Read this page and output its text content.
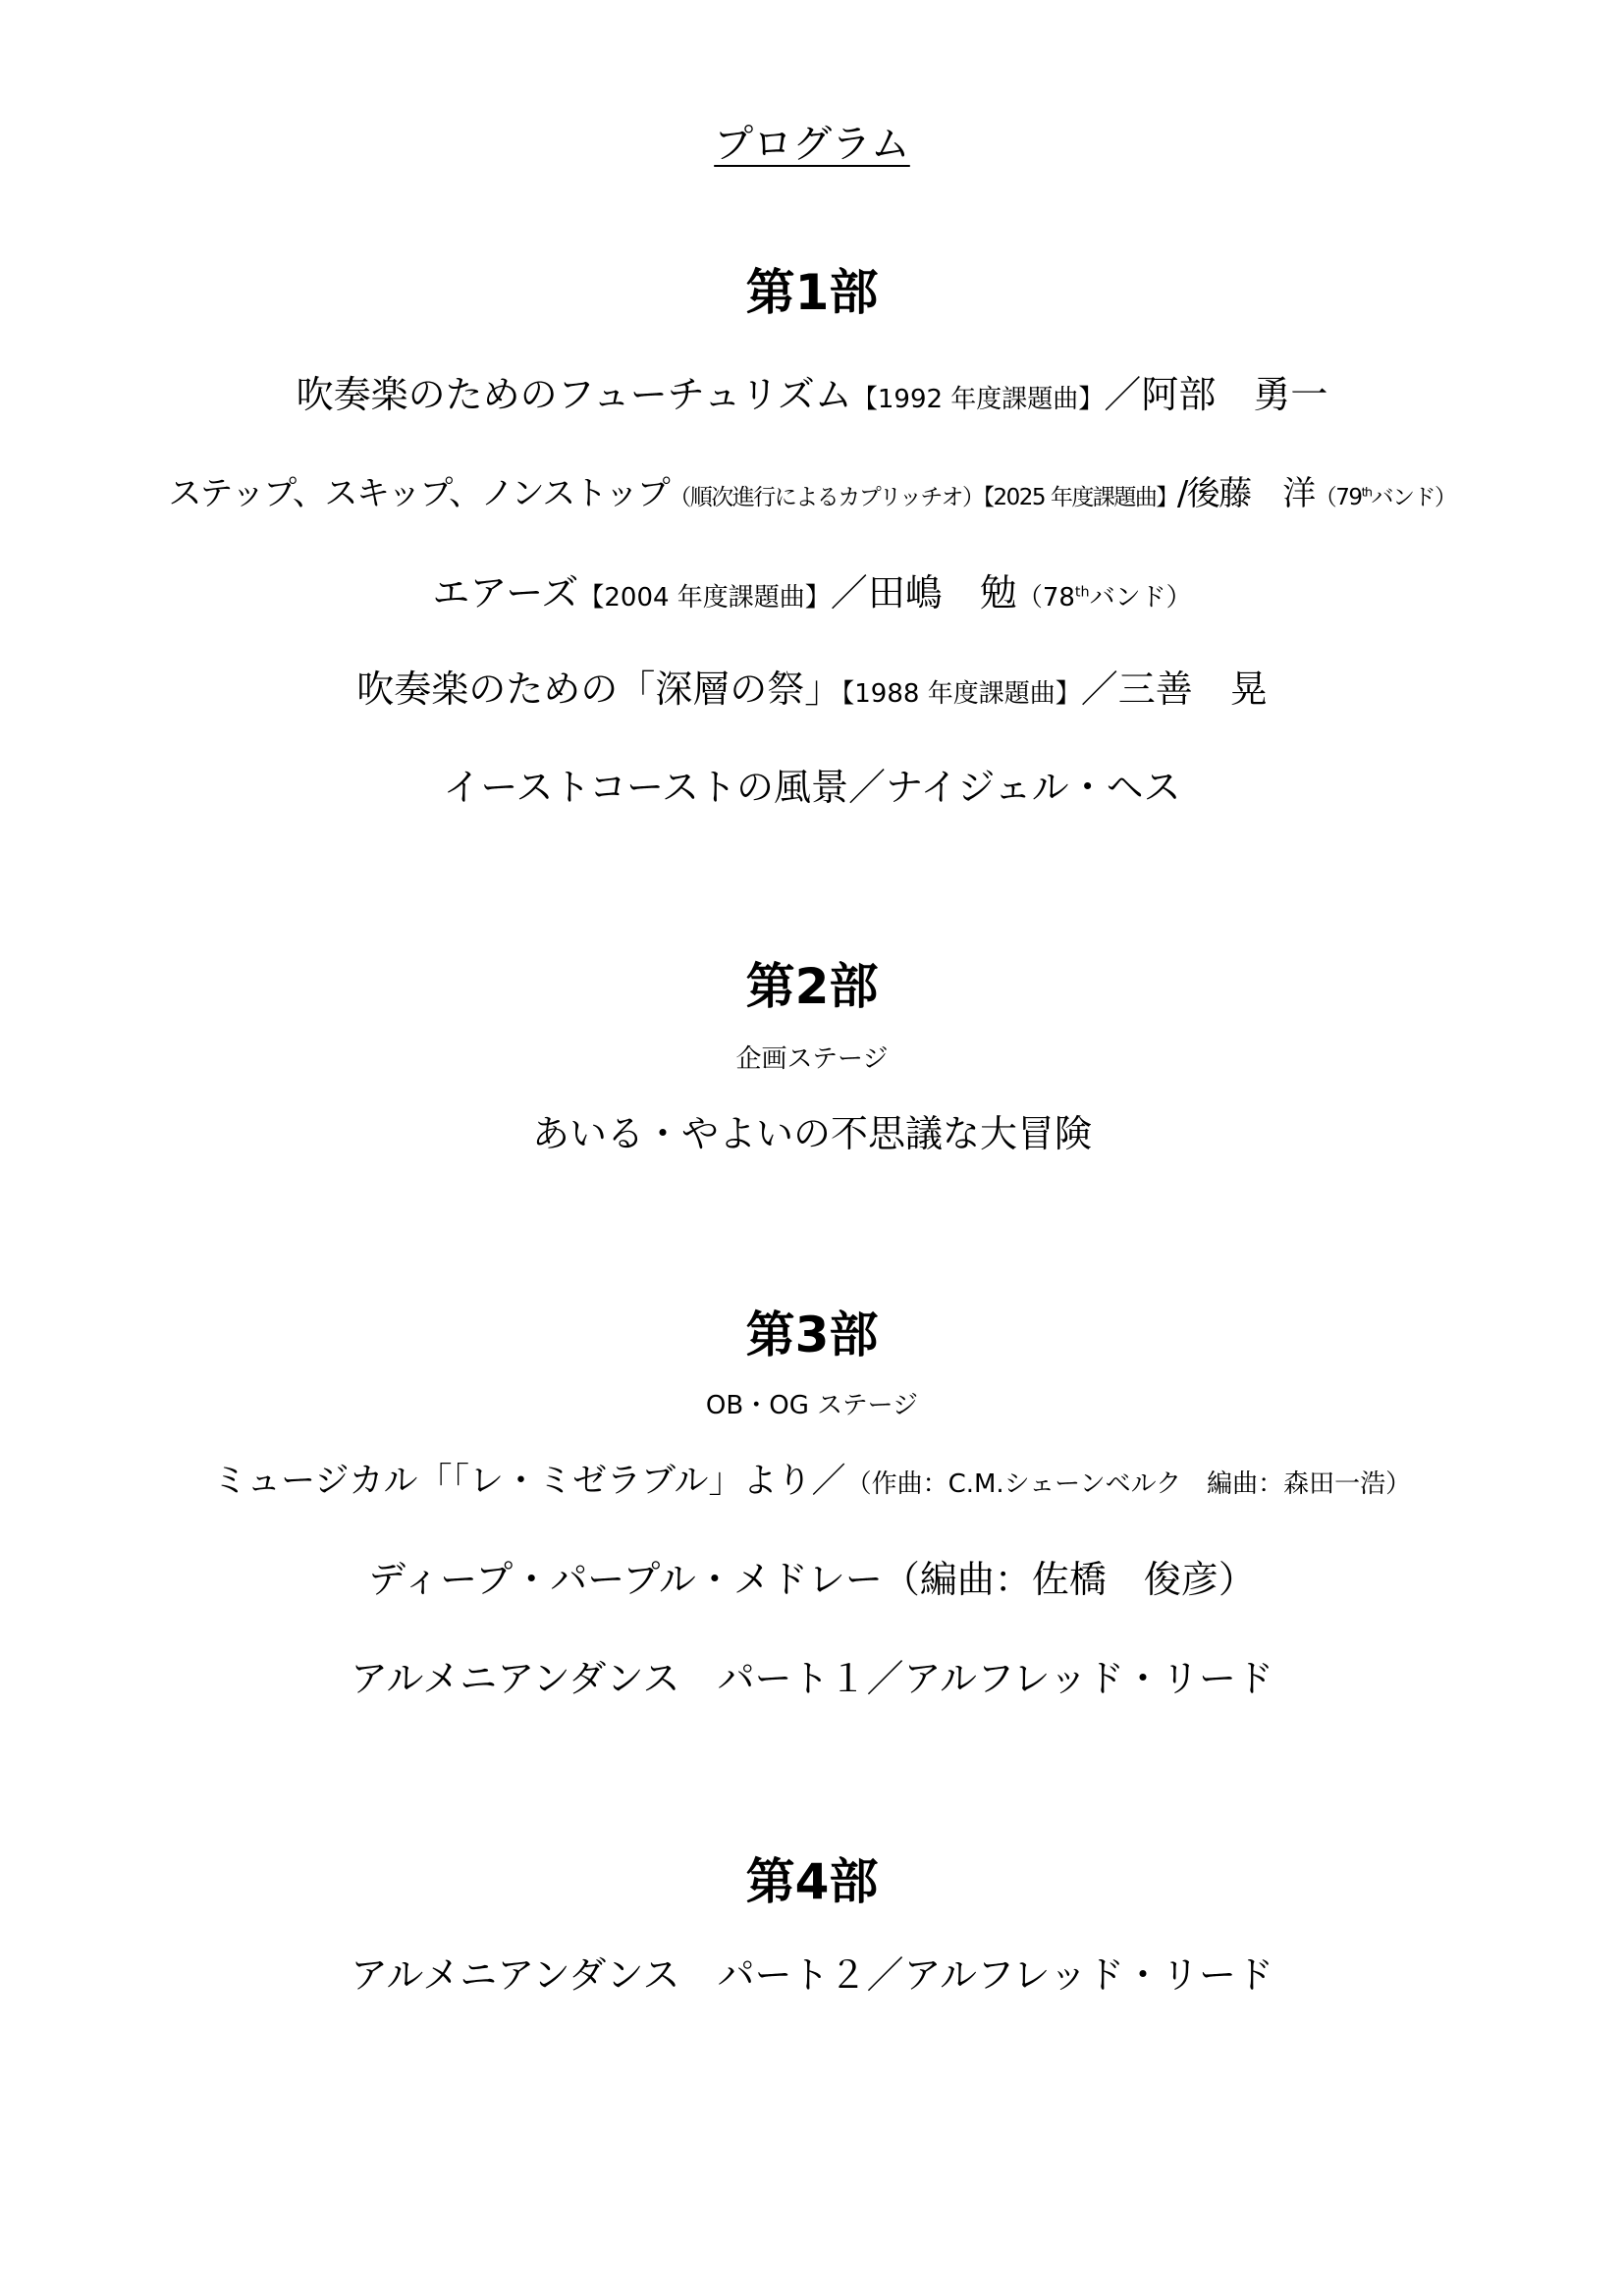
プログラム
第1部
吹奏楽のためのフューチュリズム【1992 年度課題曲】／阿部　勇一
ステップ、スキップ、ノンストップ（順次進行によるカプリッチオ）【2025 年度課題曲】/後藤　洋（79thバンド）
エアーズ【2004 年度課題曲】／田嶋　勉（78thバンド）
吹奏楽のための「深層の祭」【1988 年度課題曲】／三善　晃
イーストコーストの風景／ナイジェル・ヘス
第2部
企画ステージ
あいる・やよいの不思議な大冒険
第3部
OB・OG ステージ
ミュージカル「「レ・ミゼラブル」より／（作曲：C.M.シェーンベルク　編曲：森田一浩）
ディープ・パープル・メドレー（編曲：佐橋　俊彦）
アルメニアンダンス　パート１／アルフレッド・リード
第4部
アルメニアンダンス　パート２／アルフレッド・リード
